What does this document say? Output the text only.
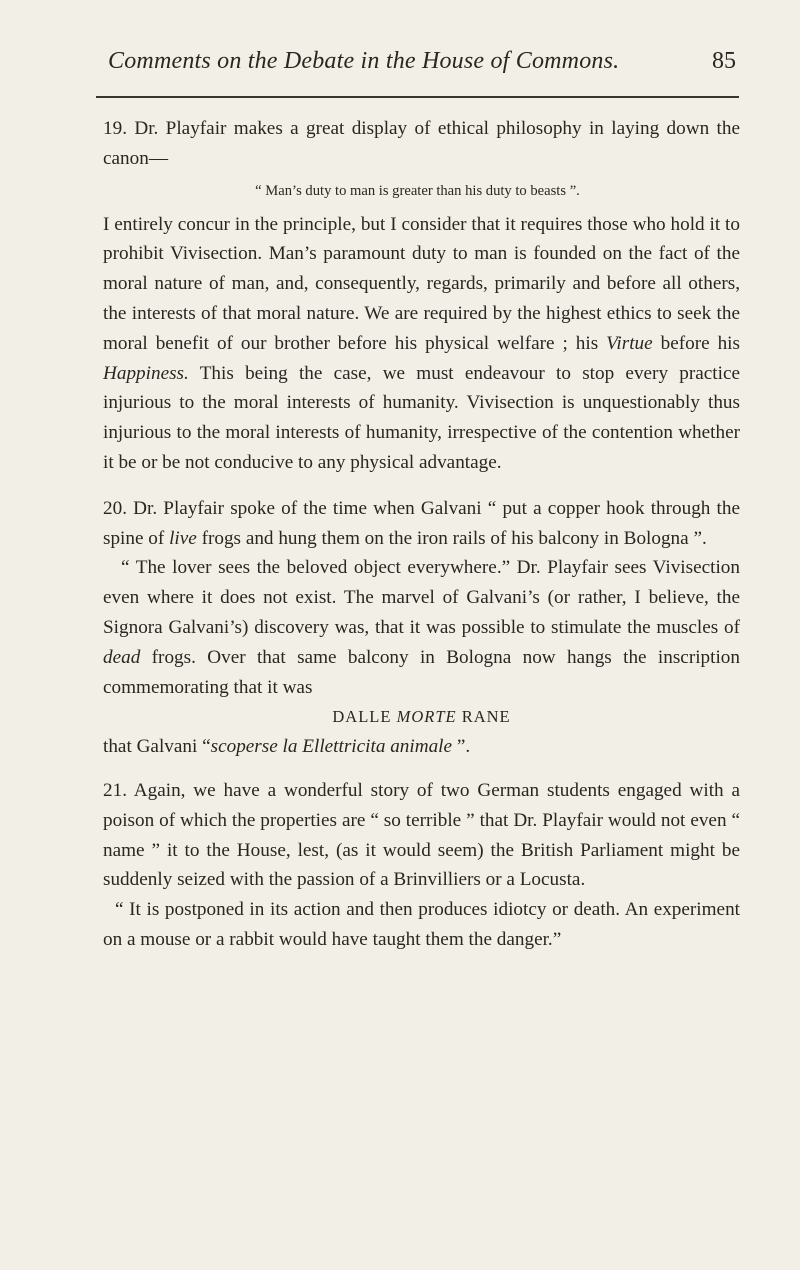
Comments on the Debate in the House of Commons.	85

19. Dr. Playfair makes a great display of ethical philosophy in laying down the canon—

“ Man’s duty to man is greater than his duty to beasts ”.

I entirely concur in the principle, but I consider that it requires those who hold it to prohibit Vivisection. Man’s paramount duty to man is founded on the fact of the moral nature of man, and, consequently, regards, primarily and before all others, the interests of that moral nature. We are required by the highest ethics to seek the moral benefit of our brother before his physical welfare ; his Virtue before his Happiness. This being the case, we must endeavour to stop every practice injurious to the moral interests of humanity. Vivisection is unquestionably thus injurious to the moral interests of humanity, irrespective of the contention whether it be or be not conducive to any physical advantage.

20. Dr. Playfair spoke of the time when Galvani “ put a copper hook through the spine of live frogs and hung them on the iron rails of his balcony in Bologna ”.

“ The lover sees the beloved object everywhere.” Dr. Playfair sees Vivisection even where it does not exist. The marvel of Galvani’s (or rather, I believe, the Signora Galvani’s) discovery was, that it was possible to stimulate the muscles of dead frogs. Over that same balcony in Bologna now hangs the inscription commemorating that it was

DALLE MORTE RANE

that Galvani “scoperse la Ellettricita animale ”.

21. Again, we have a wonderful story of two German students engaged with a poison of which the properties are “ so terrible ” that Dr. Playfair would not even “ name ” it to the House, lest, (as it would seem) the British Parliament might be suddenly seized with the passion of a Brinvilliers or a Locusta.

“ It is postponed in its action and then produces idiotcy or death. An experiment on a mouse or a rabbit would have taught them the danger.”
